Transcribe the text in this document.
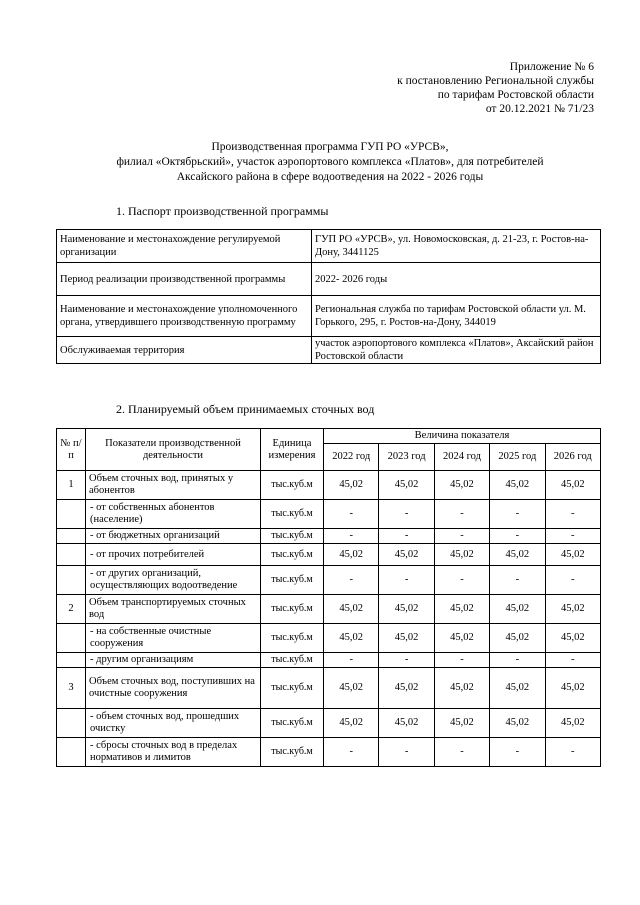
Приложение № 6
к постановлению Региональной службы
по тарифам Ростовской области
от 20.12.2021 № 71/23
Производственная программа ГУП РО «УРСВ»,
филиал «Октябрьский», участок аэропортового комплекса «Платов», для потребителей
Аксайского района в сфере водоотведения на 2022 - 2026 годы
1. Паспорт производственной программы
Наименование и местонахождение регулируемой организации	ГУП РО «УРСВ», ул. Новомосковская, д. 21-23, г. Ростов-на-Дону, 3441125
Период реализации производственной программы	2022- 2026 годы
Наименование и местонахождение уполномоченного органа, утвердившего производственную программу	Региональная служба по тарифам Ростовской области ул. М. Горького, 295, г. Ростов-на-Дону, 344019
Обслуживаемая территория	участок аэропортового комплекса «Платов», Аксайский район Ростовской области
2. Планируемый объем принимаемых сточных вод
№ п/п	Показатели производственной деятельности	Единица измерения	Величина показателя				
			2022 год	2023 год	2024 год	2025 год	2026 год
1	Объем сточных вод, принятых у абонентов	тыс.куб.м	45,02	45,02	45,02	45,02	45,02
	- от собственных абонентов (население)	тыс.куб.м	-	-	-	-	-
	- от бюджетных организаций	тыс.куб.м	-	-	-	-	-
	- от прочих потребителей	тыс.куб.м	45,02	45,02	45,02	45,02	45,02
	- от других организаций, осуществляющих водоотведение	тыс.куб.м	-	-	-	-	-
2	Объем транспортируемых сточных вод	тыс.куб.м	45,02	45,02	45,02	45,02	45,02
	- на собственные очистные сооружения	тыс.куб.м	45,02	45,02	45,02	45,02	45,02
	- другим организациям	тыс.куб.м	-	-	-	-	-
3	Объем сточных вод, поступивших на очистные сооружения	тыс.куб.м	45,02	45,02	45,02	45,02	45,02
	- объем сточных вод, прошедших очистку	тыс.куб.м	45,02	45,02	45,02	45,02	45,02
	- сбросы сточных вод в пределах нормативов и лимитов	тыс.куб.м	-	-	-	-	-
